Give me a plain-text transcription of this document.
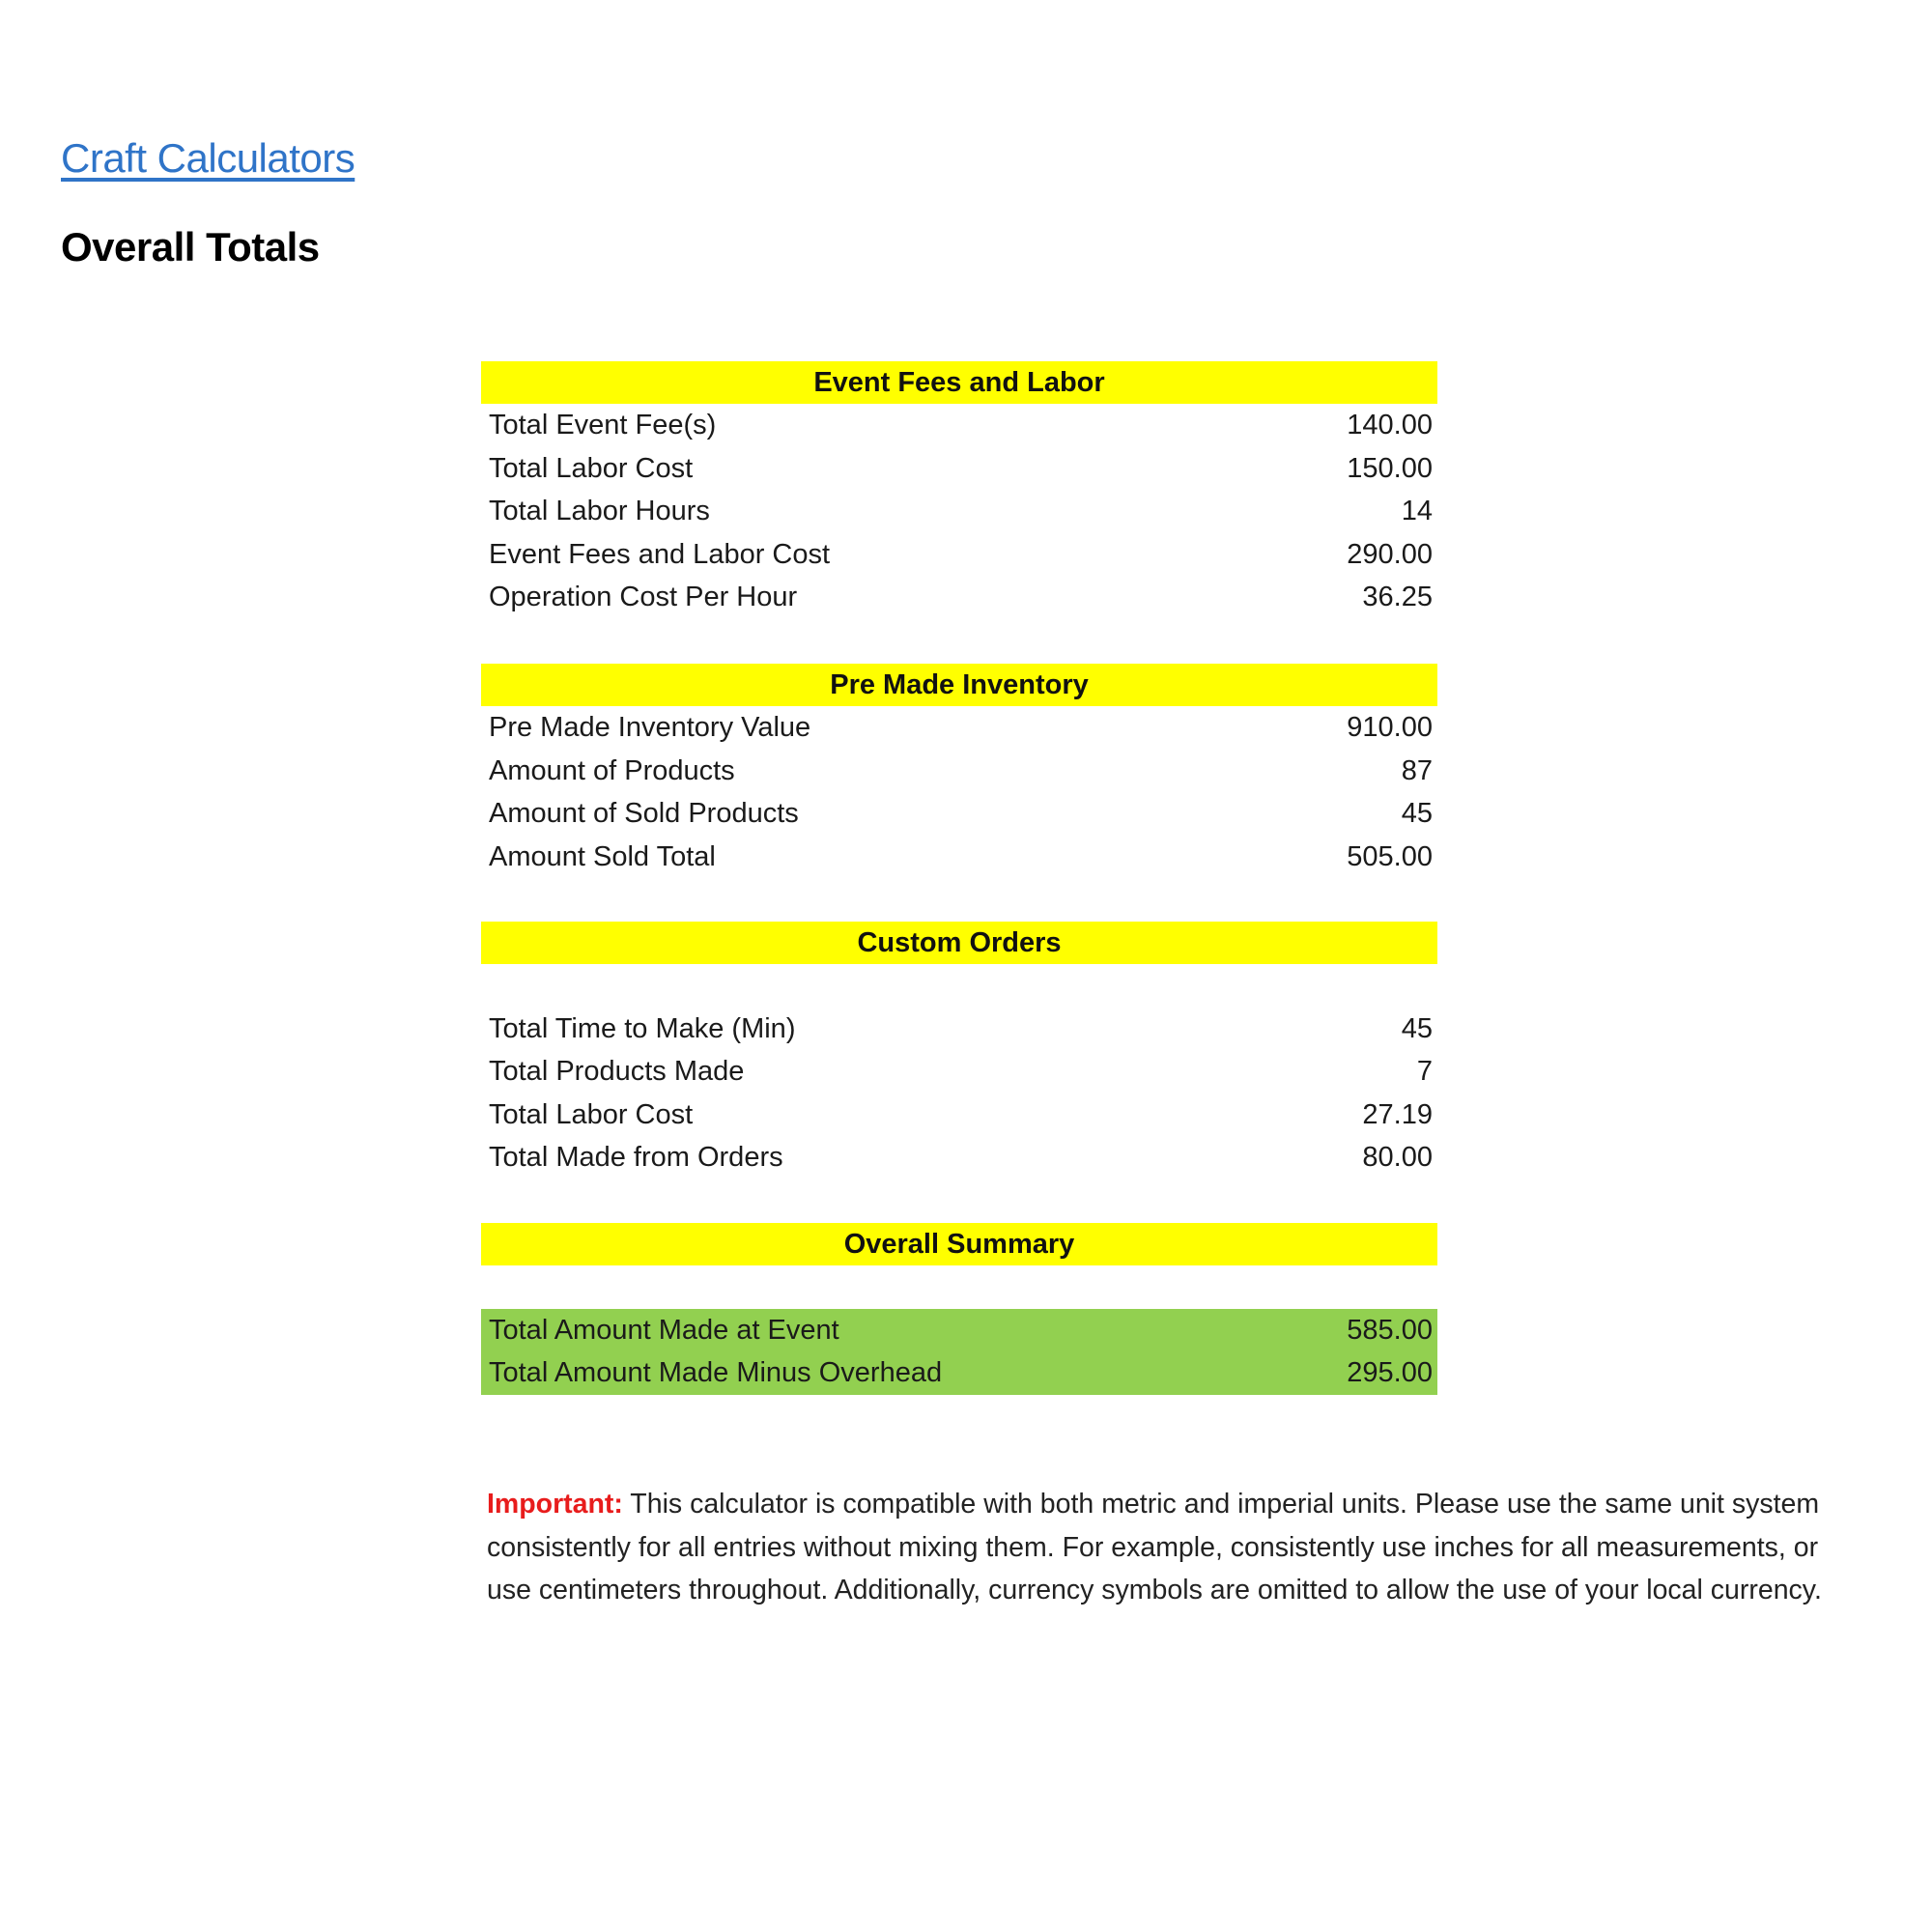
Craft Calculators
Overall Totals
Event Fees and Labor
Total Event Fee(s)	140.00
Total Labor Cost	150.00
Total Labor Hours	14
Event Fees and Labor Cost	290.00
Operation Cost Per Hour	36.25
Pre Made Inventory
Pre Made Inventory Value	910.00
Amount of Products	87
Amount of Sold Products	45
Amount Sold Total	505.00
Custom Orders
Total Time to Make (Min)	45
Total Products Made	7
Total Labor Cost	27.19
Total Made from Orders	80.00
Overall Summary
Total Amount Made at Event	585.00
Total Amount Made Minus Overhead	295.00
Important: This calculator is compatible with both metric and imperial units. Please use the same unit system consistently for all entries without mixing them. For example, consistently use inches for all measurements, or use centimeters throughout. Additionally, currency symbols are omitted to allow the use of your local currency.
